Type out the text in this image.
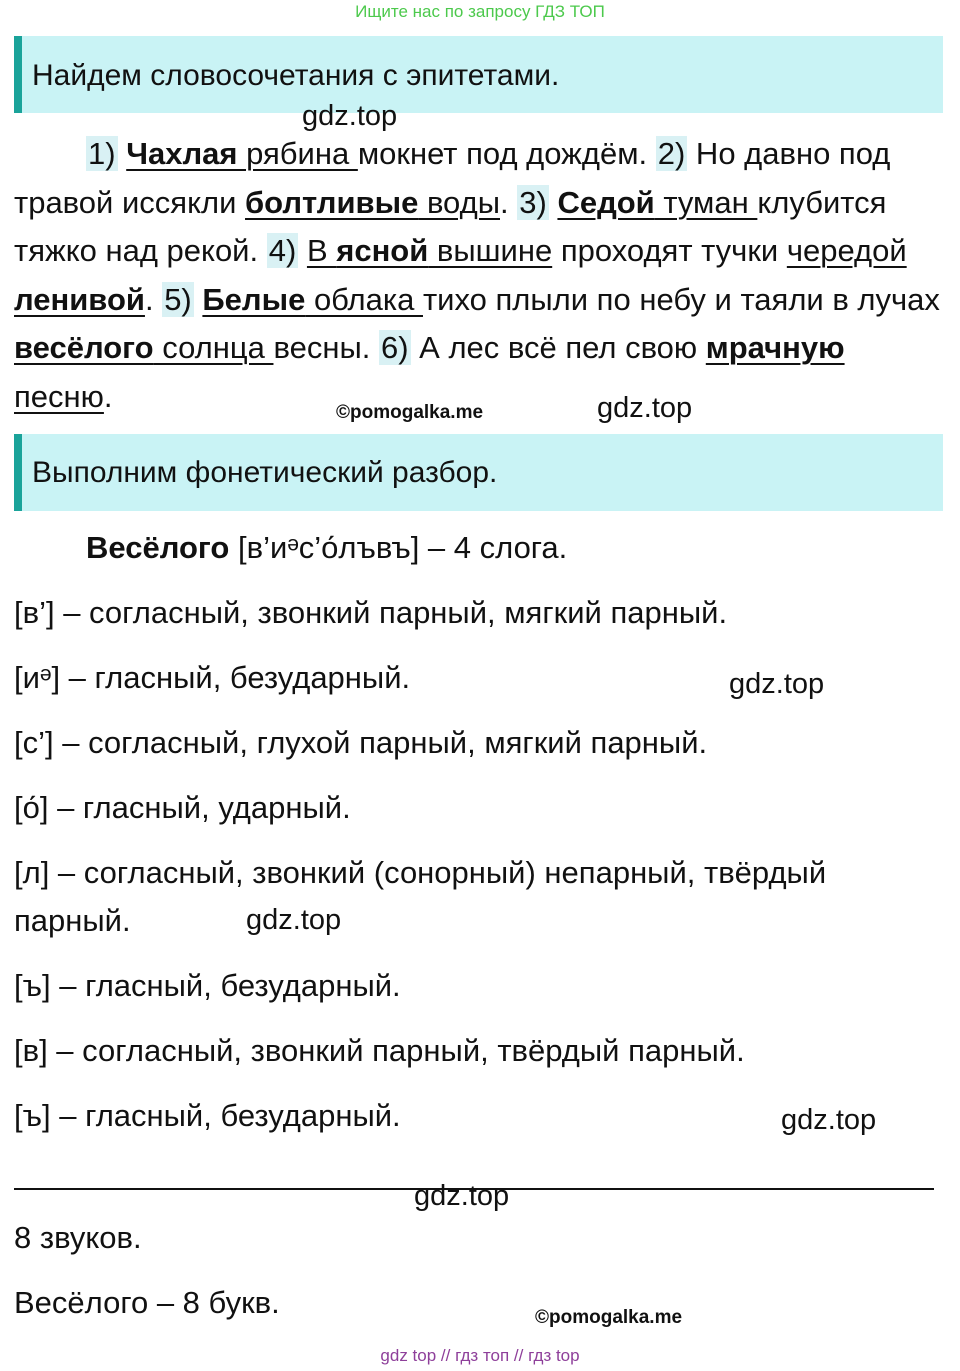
Ищите нас по запросу ГДЗ ТОП
Найдем словосочетания с эпитетами.
gdz.top
1) Чахлая рябина мокнет под дождём. 2) Но давно под травой иссякли болтливые воды. 3) Седой туман клубится тяжко над рекой. 4) В ясной вышине проходят тучки чередой ленивой. 5) Белые облака тихо плыли по небу и таяли в лучах весёлого солнца весны. 6) А лес всё пел свою мрачную песню.	©pomogalka.me	gdz.top
Выполним фонетический разбор.
Весёлого [в’иᵊс’о́лъвъ] – 4 слога.
[в’] – согласный, звонкий парный, мягкий парный.
[иᵊ] – гласный, безударный.	gdz.top
[с’] – согласный, глухой парный, мягкий парный.
[о́] – гласный, ударный.
[л] – согласный, звонкий (сонорный) непарный, твёрдый
парный.	gdz.top
[ъ] – гласный, безударный.
[в] – согласный, звонкий парный, твёрдый парный.
[ъ] – гласный, безударный.	gdz.top
gdz.top
8 звуков.
Весёлого – 8 букв.	©pomogalka.me
gdz top // гдз топ // гдз top
